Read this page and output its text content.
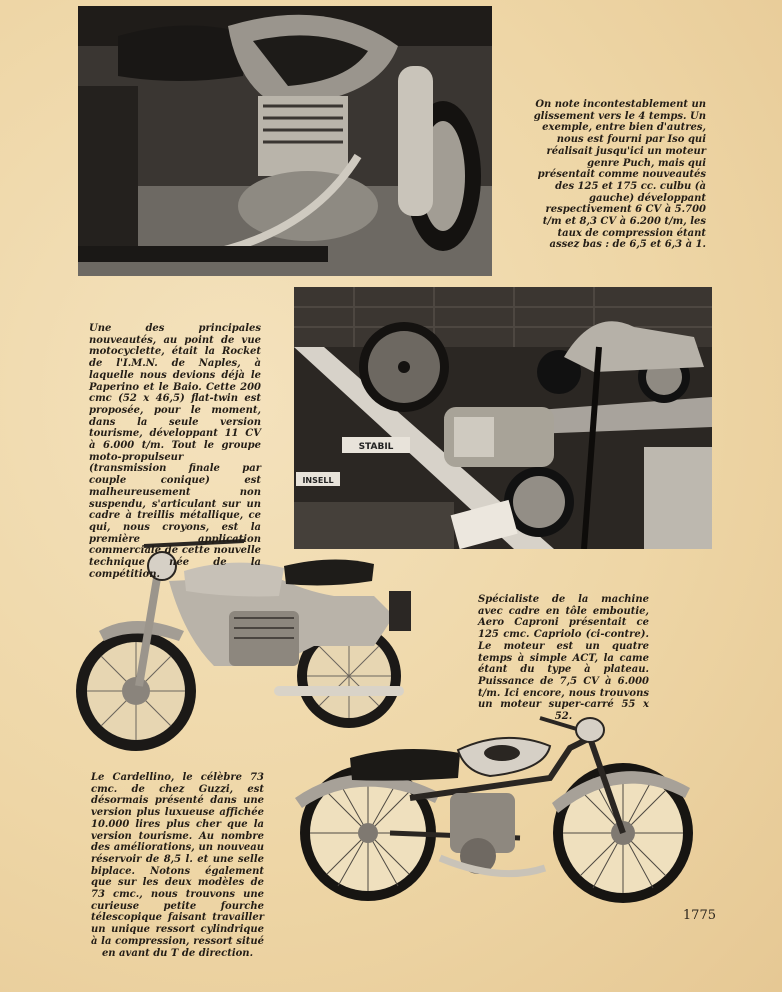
STABIL
INSELL
On note incontestablement un glissement vers le 4 temps. Un exemple, entre bien d'autres, nous est fourni par Iso qui réalisait jusqu'ici un moteur genre Puch, mais qui présentait comme nouveautés des 125 et 175 cc. culbu (à gauche) développant respectivement 6 CV à 5.700 t/m et 8,3 CV à 6.200 t/m, les taux de compression étant assez bas : de 6,5 et 6,3 à 1.
Une des principales nouveautés, au point de vue motocyclette, était la Rocket de l'I.M.N. de Naples, à laquelle nous devions déjà le Paperino et le Baio. Cette 200 cmc (52 x 46,5) flat-twin est proposée, pour le moment, dans la seule version tourisme, développant 11 CV à 6.000 t/m. Tout le groupe moto-propulseur (transmission finale par couple conique) est malheureusement non suspendu, s'articulant sur un cadre à treillis métallique, ce qui, nous croyons, est la première application commerciale de cette nouvelle technique née de la compétition.
Spécialiste de la machine avec cadre en tôle emboutie, Aero Caproni présentait ce 125 cmc. Capriolo (ci-contre). Le moteur est un quatre temps à simple ACT, la came étant du type à plateau. Puissance de 7,5 CV à 6.000 t/m. Ici encore, nous trouvons un moteur super-carré 55 x 52.
Le Cardellino, le célèbre 73 cmc. de chez Guzzi, est désormais présenté dans une version plus luxueuse affichée 10.000 lires plus cher que la version tourisme. Au nombre des améliorations, un nouveau réservoir de 8,5 l. et une selle biplace. Notons également que sur les deux modèles de 73 cmc., nous trouvons une curieuse petite fourche télescopique faisant travailler un unique ressort cylindrique à la compression, ressort situé en avant du T de direction.
1775
